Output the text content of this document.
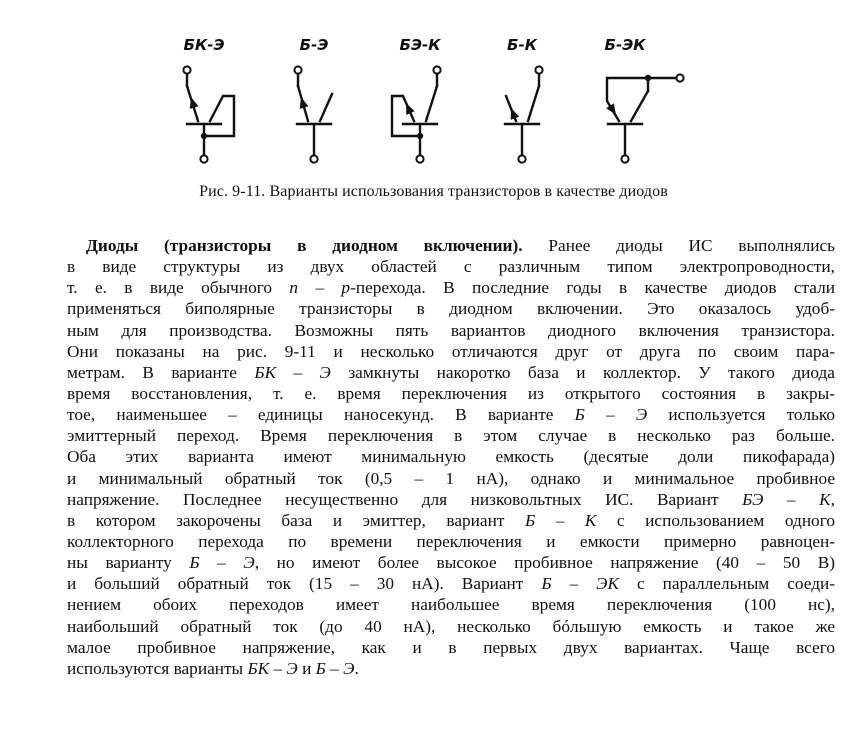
БК-Э	Б-Э	БЭ-К	Б-К	Б-ЭК
Рис. 9-11. Варианты использования транзисторов в качестве диодов
Диоды (транзисторы в диодном включении). Ранее диоды ИС выполнялись
в виде структуры из двух областей с различным типом электропроводности,
т. е. в виде обычного n – p-перехода. В последние годы в качестве диодов стали
применяться биполярные транзисторы в диодном включении. Это оказалось удоб-
ным для производства. Возможны пять вариантов диодного включения транзистора.
Они показаны на рис. 9-11 и несколько отличаются друг от друга по своим пара-
метрам. В варианте БК – Э замкнуты накоротко база и коллектор. У такого диода
время восстановления, т. е. время переключения из открытого состояния в закры-
тое, наименьшее – единицы наносекунд. В варианте Б – Э используется только
эмиттерный переход. Время переключения в этом случае в несколько раз больше.
Оба этих варианта имеют минимальную емкость (десятые доли пикофарада)
и минимальный обратный ток (0,5 – 1 нА), однако и минимальное пробивное
напряжение. Последнее несущественно для низковольтных ИС. Вариант БЭ – К,
в котором закорочены база и эмиттер, вариант Б – К с использованием одного
коллекторного перехода по времени переключения и емкости примерно равноцен-
ны варианту Б – Э, но имеют более высокое пробивное напряжение (40 – 50 В)
и больший обратный ток (15 – 30 нА). Вариант Б – ЭК с параллельным соеди-
нением обоих переходов имеет наибольшее время переключения (100 нс),
наибольший обратный ток (до 40 нА), несколько бóльшую емкость и такое же
малое пробивное напряжение, как и в первых двух вариантах. Чаще всего
используются варианты БК – Э и Б – Э.
